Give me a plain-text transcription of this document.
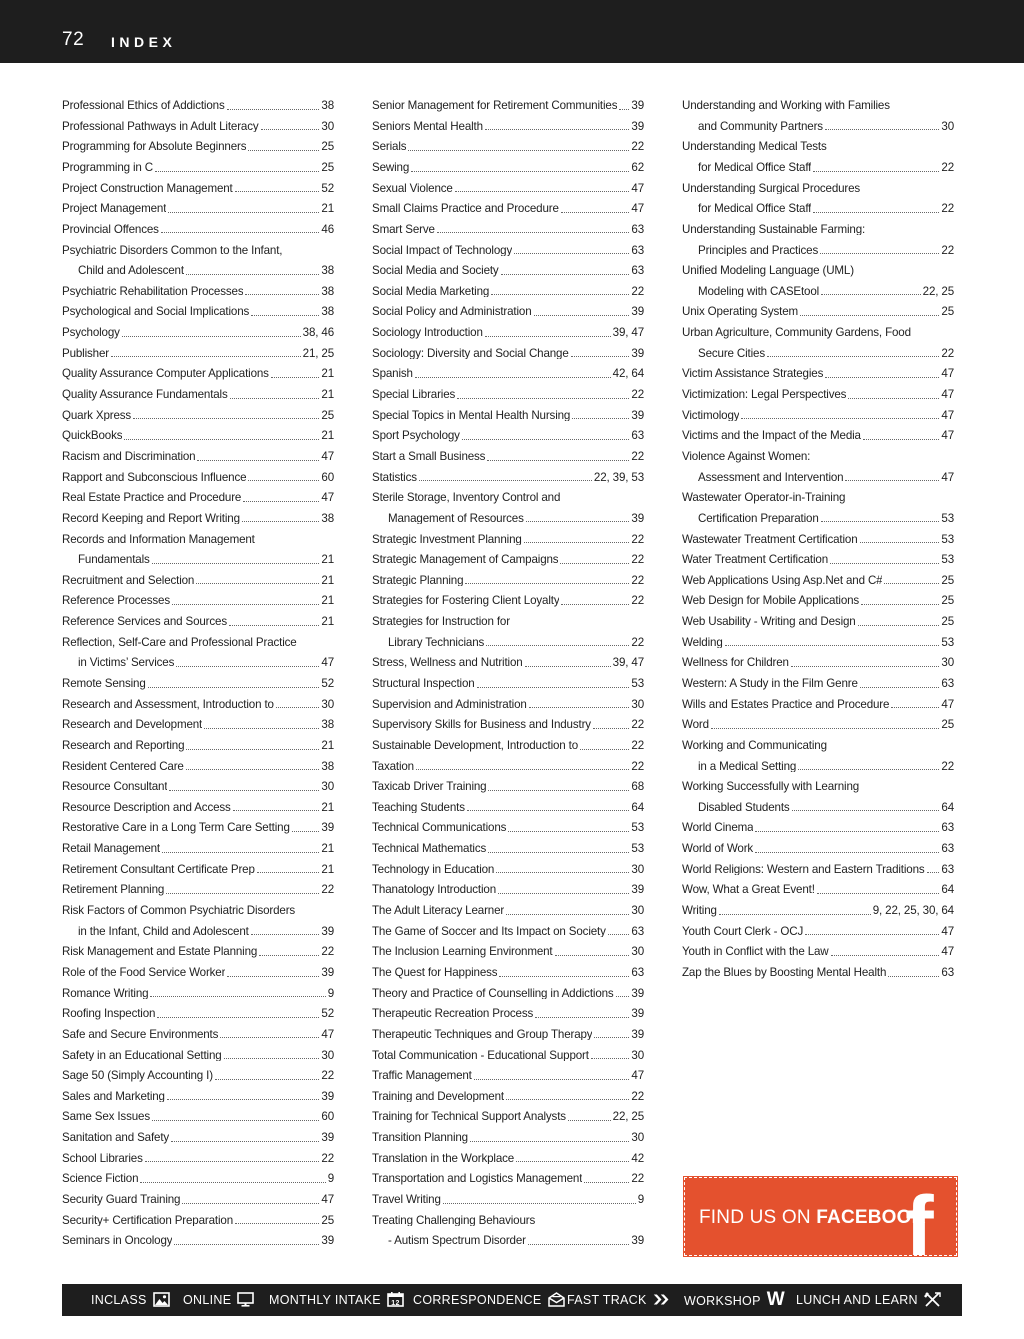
72 INDEX
Professional Ethics of Addictions	38
Professional Pathways in Adult Literacy	30
Programming for Absolute Beginners	25
Programming in C	25
Project Construction Management	52
Project Management	21
Provincial Offences	46
Psychiatric Disorders Common to the Infant,
Child and Adolescent	38
Psychiatric Rehabilitation Processes	38
Psychological and Social Implications	38
Psychology	38, 46
Publisher	21, 25
Quality Assurance Computer Applications	21
Quality Assurance Fundamentals	21
Quark Xpress	25
QuickBooks	21
Racism and Discrimination	47
Rapport and Subconscious Influence	60
Real Estate Practice and Procedure	47
Record Keeping and Report Writing	38
Records and Information Management
Fundamentals	21
Recruitment and Selection	21
Reference Processes	21
Reference Services and Sources	21
Reflection, Self-Care and Professional Practice
in Victims’ Services	47
Remote Sensing	52
Research and Assessment, Introduction to	30
Research and Development	38
Research and Reporting	21
Resident Centered Care	38
Resource Consultant	30
Resource Description and Access	21
Restorative Care in a Long Term Care Setting	39
Retail Management	21
Retirement Consultant Certificate Prep	21
Retirement Planning	22
Risk Factors of Common Psychiatric Disorders
in the Infant, Child and Adolescent	39
Risk Management and Estate Planning	22
Role of the Food Service Worker	39
Romance Writing	9
Roofing Inspection	52
Safe and Secure Environments	47
Safety in an Educational Setting	30
Sage 50 (Simply Accounting I)	22
Sales and Marketing	39
Same Sex Issues	60
Sanitation and Safety	39
School Libraries	22
Science Fiction	9
Security Guard Training	47
Security+ Certification Preparation	25
Seminars in Oncology	39
Senior Management for Retirement Communities 39
Seniors Mental Health	39
Serials	22
Sewing	62
Sexual Violence	47
Small Claims Practice and Procedure	47
Smart Serve	63
Social Impact of Technology	63
Social Media and Society	63
Social Media Marketing	22
Social Policy and Administration	39
Sociology Introduction	39, 47
Sociology: Diversity and Social Change	39
Spanish	42, 64
Special Libraries	22
Special Topics in Mental Health Nursing	39
Sport Psychology	63
Start a Small Business	22
Statistics	22, 39, 53
Sterile Storage, Inventory Control and
Management of Resources	39
Strategic Investment Planning	22
Strategic Management of Campaigns	22
Strategic Planning	22
Strategies for Fostering Client Loyalty	22
Strategies for Instruction for
Library Technicians	22
Stress, Wellness and Nutrition	39, 47
Structural Inspection	53
Supervision and Administration	30
Supervisory Skills for Business and Industry	22
Sustainable Development, Introduction to	22
Taxation	22
Taxicab Driver Training	68
Teaching Students	64
Technical Communications	53
Technical Mathematics	53
Technology in Education	30
Thanatology Introduction	39
The Adult Literacy Learner	30
The Game of Soccer and Its Impact on Society 63
The Inclusion Learning Environment	30
The Quest for Happiness	63
Theory and Practice of Counselling in Addictions 39
Therapeutic Recreation Process	39
Therapeutic Techniques and Group Therapy	39
Total Communication - Educational Support	30
Traffic Management	47
Training and Development	22
Training for Technical Support Analysts	22, 25
Transition Planning	30
Translation in the Workplace	42
Transportation and Logistics Management	22
Travel Writing	9
Treating Challenging Behaviours
- Autism Spectrum Disorder	39
Understanding and Working with Families
and Community Partners	30
Understanding Medical Tests
for Medical Office Staff	22
Understanding Surgical Procedures
for Medical Office Staff	22
Understanding Sustainable Farming:
Principles and Practices	22
Unified Modeling Language (UML)
Modeling with CASEtool	22, 25
Unix Operating System	25
Urban Agriculture, Community Gardens, Food
Secure Cities	22
Victim Assistance Strategies	47
Victimization: Legal Perspectives	47
Victimology	47
Victims and the Impact of the Media	47
Violence Against Women:
Assessment and Intervention	47
Wastewater Operator-in-Training
Certification Preparation	53
Wastewater Treatment Certification	53
Water Treatment Certification	53
Web Applications Using Asp.Net and C#	25
Web Design for Mobile Applications	25
Web Usability - Writing and Design	25
Welding	53
Wellness for Children	30
Western: A Study in the Film Genre	63
Wills and Estates Practice and Procedure	47
Word	25
Working and Communicating
in a Medical Setting	22
Working Successfully with Learning
Disabled Students	64
World Cinema	63
World of Work	63
World Religions: Western and Eastern Traditions 63
Wow, What a Great Event!	64
Writing	9, 22, 25, 30, 64
Youth Court Clerk - OCJ	47
Youth in Conflict with the Law	47
Zap the Blues by Boosting Mental Health	63
FIND US ON FACEBOOK
f
INCLASS	ONLINE	MONTHLY INTAKE 12 CORRESPONDENCE FAST TRACK	WORKSHOP W LUNCH AND LEARN
